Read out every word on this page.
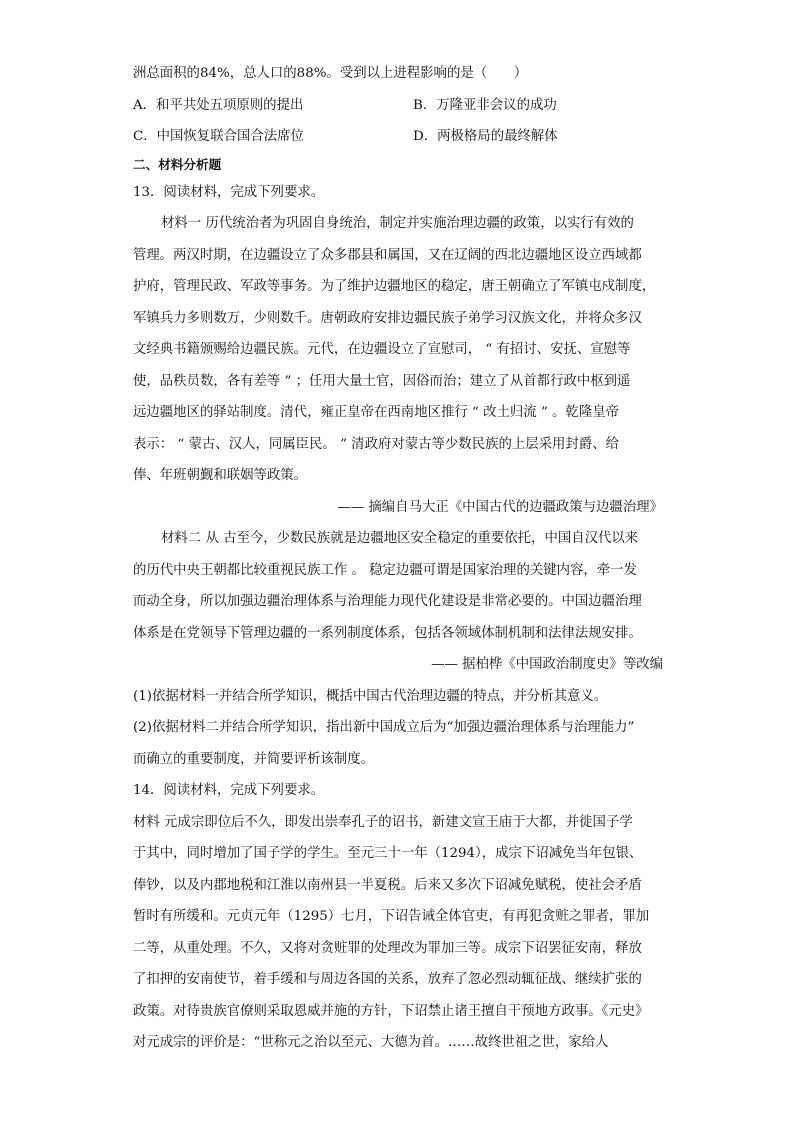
洲总面积的84%，总人口的88%。受到以上进程影响的是（　　）
A．和平共处五项原则的提出	B．万隆亚非会议的成功
C．中国恢复联合国合法席位	D．两极格局的最终解体
二、材料分析题
13．阅读材料，完成下列要求。
材料一 历代统治者为巩固自身统治，制定并实施治理边疆的政策，以实行有效的
管理。两汉时期，在边疆设立了众多郡县和属国，又在辽阔的西北边疆地区设立西域都
护府，管理民政、军政等事务。为了维护边疆地区的稳定，唐王朝确立了军镇屯戍制度，
军镇兵力多则数万，少则数千。唐朝政府安排边疆民族子弟学习汉族文化，并将众多汉
文经典书籍颁赐给边疆民族。元代，在边疆设立了宣慰司， “ 有招讨、安抚、宣慰等
使，品秩员数，各有差等 ” ；任用大量土官，因俗而治；建立了从首都行政中枢到遥
远边疆地区的驿站制度。清代，雍正皇帝在西南地区推行 “ 改土归流 ” 。乾隆皇帝
表示： “ 蒙古、汉人，同属臣民。 ” 清政府对蒙古等少数民族的上层采用封爵、给
俸、年班朝觐和联姻等政策。
—— 摘编自马大正《中国古代的边疆政策与边疆治理》
材料二 从 古至今，少数民族就是边疆地区安全稳定的重要依托，中国自汉代以来
的历代中央王朝都比较重视民族工作 。 稳定边疆可谓是国家治理的关键内容，牵一发
而动全身，所以加强边疆治理体系与治理能力现代化建设是非常必要的。中国边疆治理
体系是在党领导下管理边疆的一系列制度体系，包括各领域体制机制和法律法规安排。
—— 据柏桦《中国政治制度史》等改编
(1)依据材料一并结合所学知识，概括中国古代治理边疆的特点，并分析其意义。
(2)依据材料二并结合所学知识，指出新中国成立后为“加强边疆治理体系与治理能力”
而确立的重要制度，并简要评析该制度。
14．阅读材料，完成下列要求。
材料 元成宗即位后不久，即发出崇奉孔子的诏书，新建文宣王庙于大都，并徙国子学
于其中，同时增加了国子学的学生。至元三十一年（1294），成宗下诏减免当年包银、
俸钞，以及内郡地税和江淮以南州县一半夏税。后来又多次下诏减免赋税，使社会矛盾
暂时有所缓和。元贞元年（1295）七月，下诏告诫全体官吏，有再犯贪赃之罪者，罪加
二等，从重处理。不久，又将对贪赃罪的处理改为罪加三等。成宗下诏罢征安南，释放
了扣押的安南使节，着手缓和与周边各国的关系，放弃了忽必烈动辄征战、继续扩张的
政策。对待贵族官僚则采取恩威并施的方针，下诏禁止诸王擅自干预地方政事。《元史》
对元成宗的评价是：“世称元之治以至元、大德为首。……故终世祖之世，家给人
